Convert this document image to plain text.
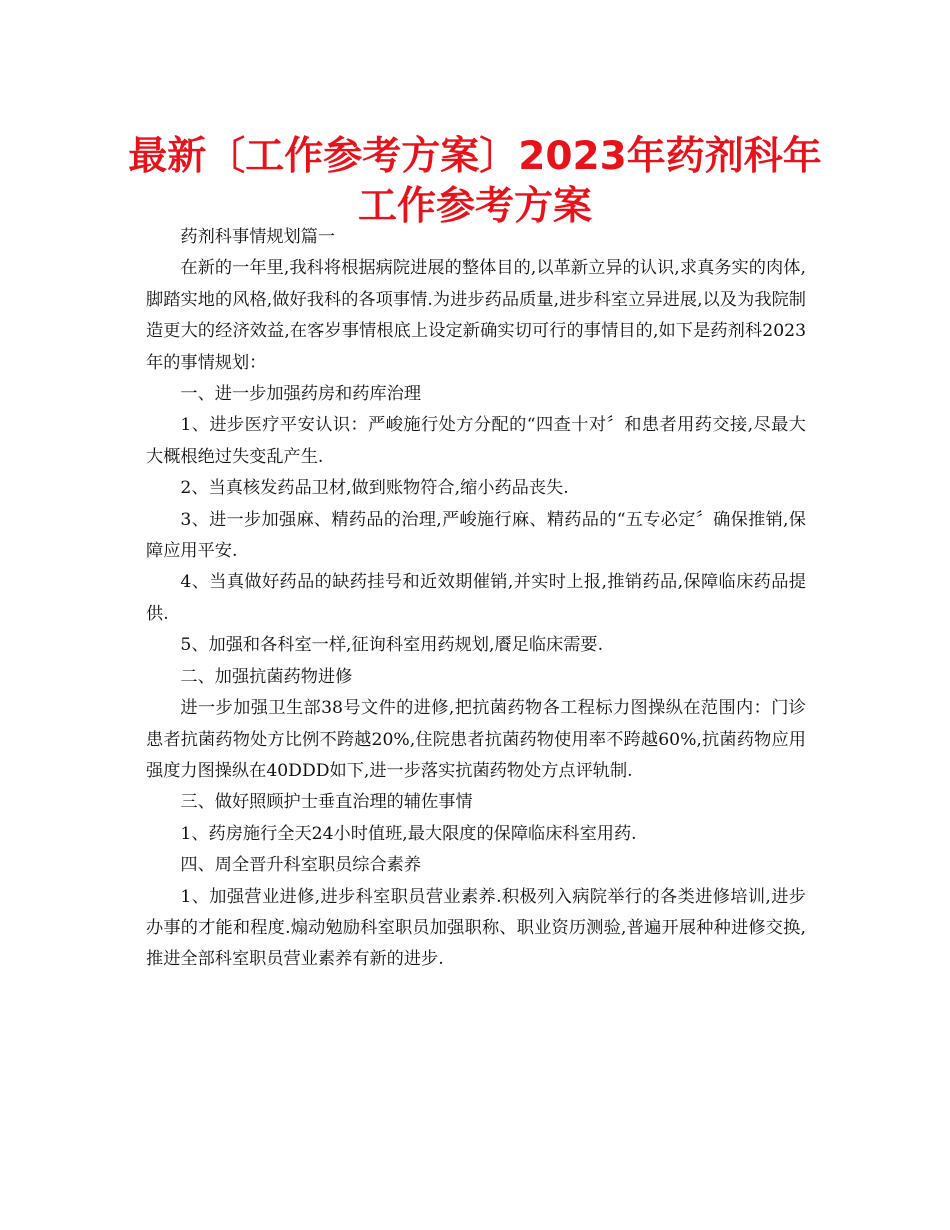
最新〔工作参考方案〕2023年药剂科年
工作参考方案

药剂科事情规划篇一

在新的一年里,我科将根据病院进展的整体目的,以革新立异的认识,求真务实的肉体,脚踏实地的风格,做好我科的各项事情.为进步药品质量,进步科室立异进展,以及为我院制造更大的经济效益,在客岁事情根底上设定新确实切可行的事情目的,如下是药剂科2023年的事情规划：

一、进一步加强药房和药库治理

1、进步医疗平安认识：严峻施行处方分配的“四查十对〞和患者用药交接,尽最大大概根绝过失变乱产生.

2、当真核发药品卫材,做到账物符合,缩小药品丧失.

3、进一步加强麻、精药品的治理,严峻施行麻、精药品的“五专必定〞确保推销,保障应用平安.

4、当真做好药品的缺药挂号和近效期催销,并实时上报,推销药品,保障临床药品提供.

5、加强和各科室一样,征询科室用药规划,餍足临床需要.

二、加强抗菌药物进修

进一步加强卫生部38号文件的进修,把抗菌药物各工程标力图操纵在范围内：门诊患者抗菌药物处方比例不跨越20%,住院患者抗菌药物使用率不跨越60%,抗菌药物应用强度力图操纵在40DDD如下,进一步落实抗菌药物处方点评轨制.

三、做好照顾护士垂直治理的辅佐事情

1、药房施行全天24小时值班,最大限度的保障临床科室用药.

四、周全晋升科室职员综合素养

1、加强营业进修,进步科室职员营业素养.积极列入病院举行的各类进修培训,进步办事的才能和程度.煽动勉励科室职员加强职称、职业资历测验,普遍开展种种进修交换,推进全部科室职员营业素养有新的进步.
